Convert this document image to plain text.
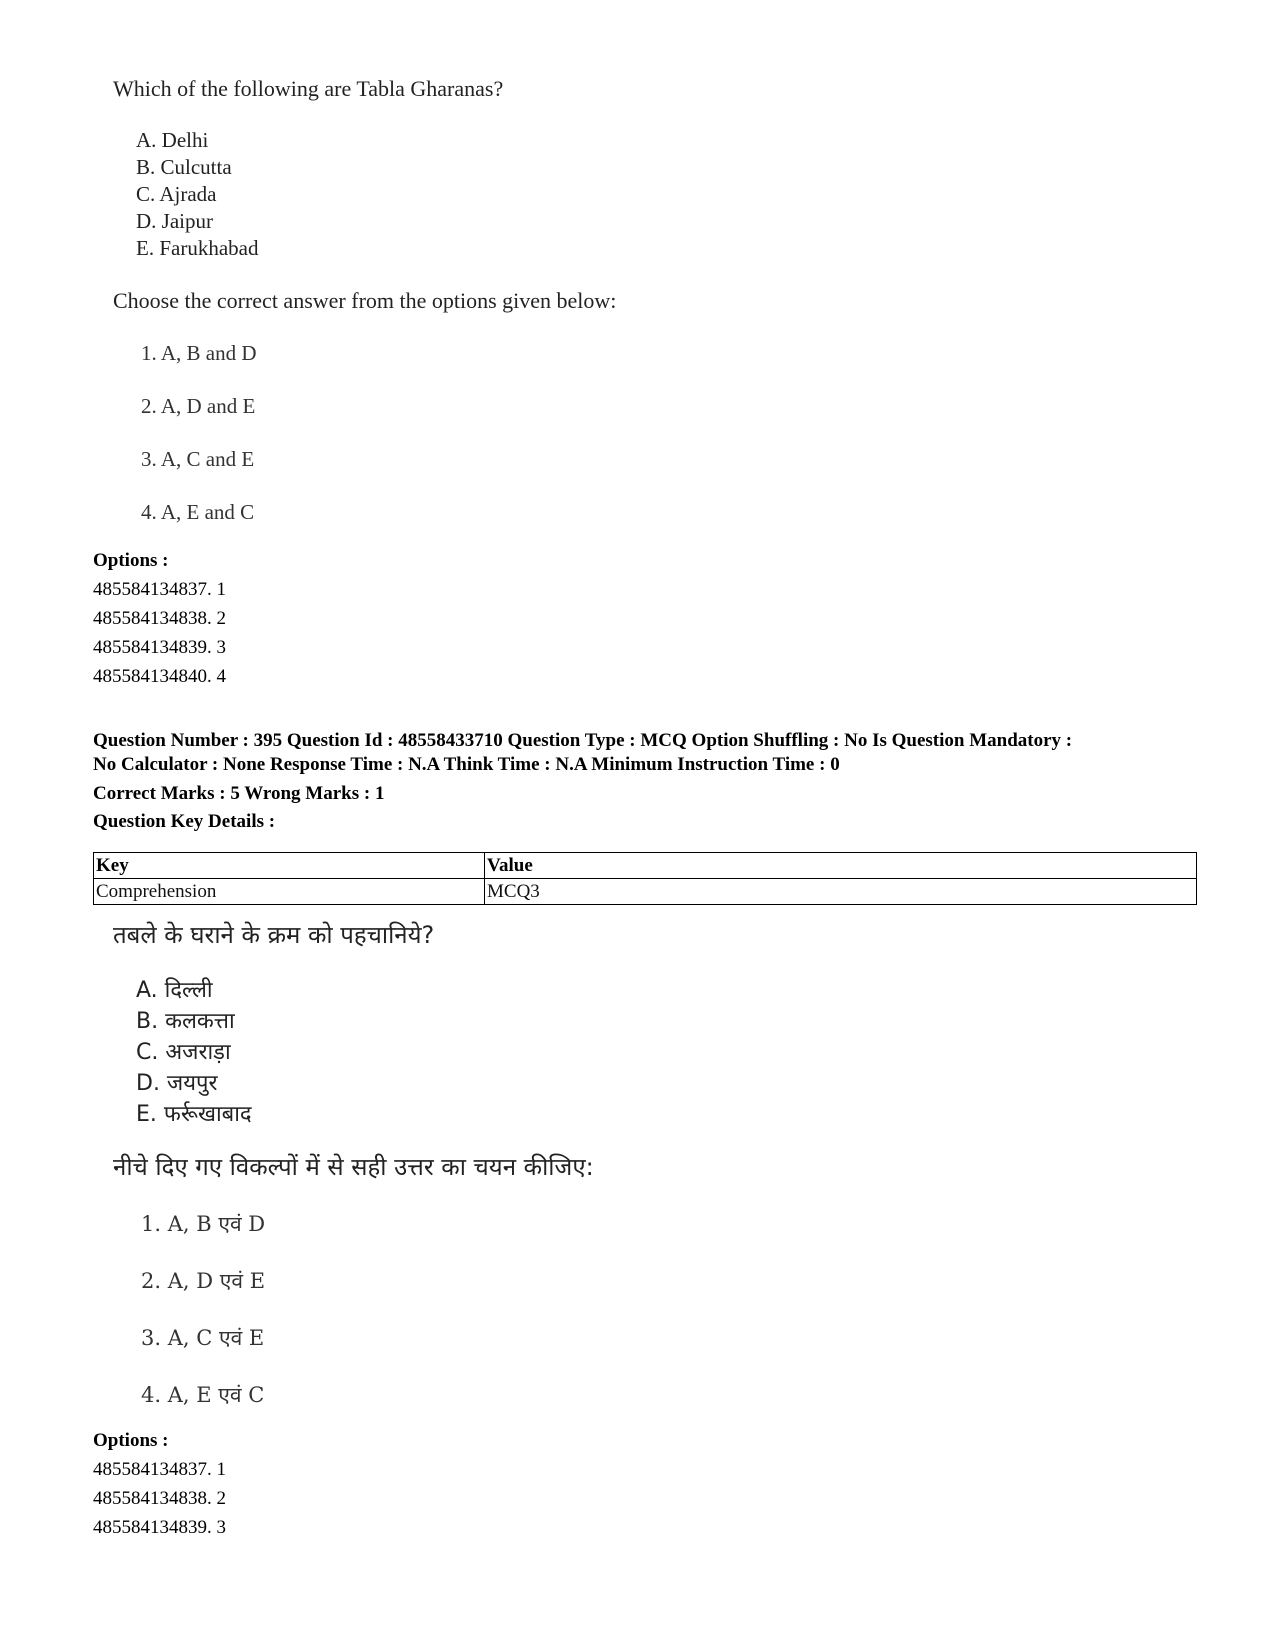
Which of the following are Tabla Gharanas?
A. Delhi
B. Culcutta
C. Ajrada
D. Jaipur
E. Farukhabad
Choose the correct answer from the options given below:
1. A, B and D
2. A, D and E
3. A, C and E
4. A, E and C
Options :
485584134837. 1
485584134838. 2
485584134839. 3
485584134840. 4
Question Number : 395 Question Id : 48558433710 Question Type : MCQ Option Shuffling : No Is Question Mandatory :
No Calculator : None Response Time : N.A Think Time : N.A Minimum Instruction Time : 0
Correct Marks : 5 Wrong Marks : 1
Question Key Details :
Key	Value
Comprehension	MCQ3
तबले के घराने के क्रम को पहचानिये?
A. दिल्ली
B. कलकत्ता
C. अजराड़ा
D. जयपुर
E. फर्रूखाबाद
नीचे दिए गए विकल्पों में से सही उत्तर का चयन कीजिए:
1. A, B एवं D
2. A, D एवं E
3. A, C एवं E
4. A, E एवं C
Options :
485584134837. 1
485584134838. 2
485584134839. 3
